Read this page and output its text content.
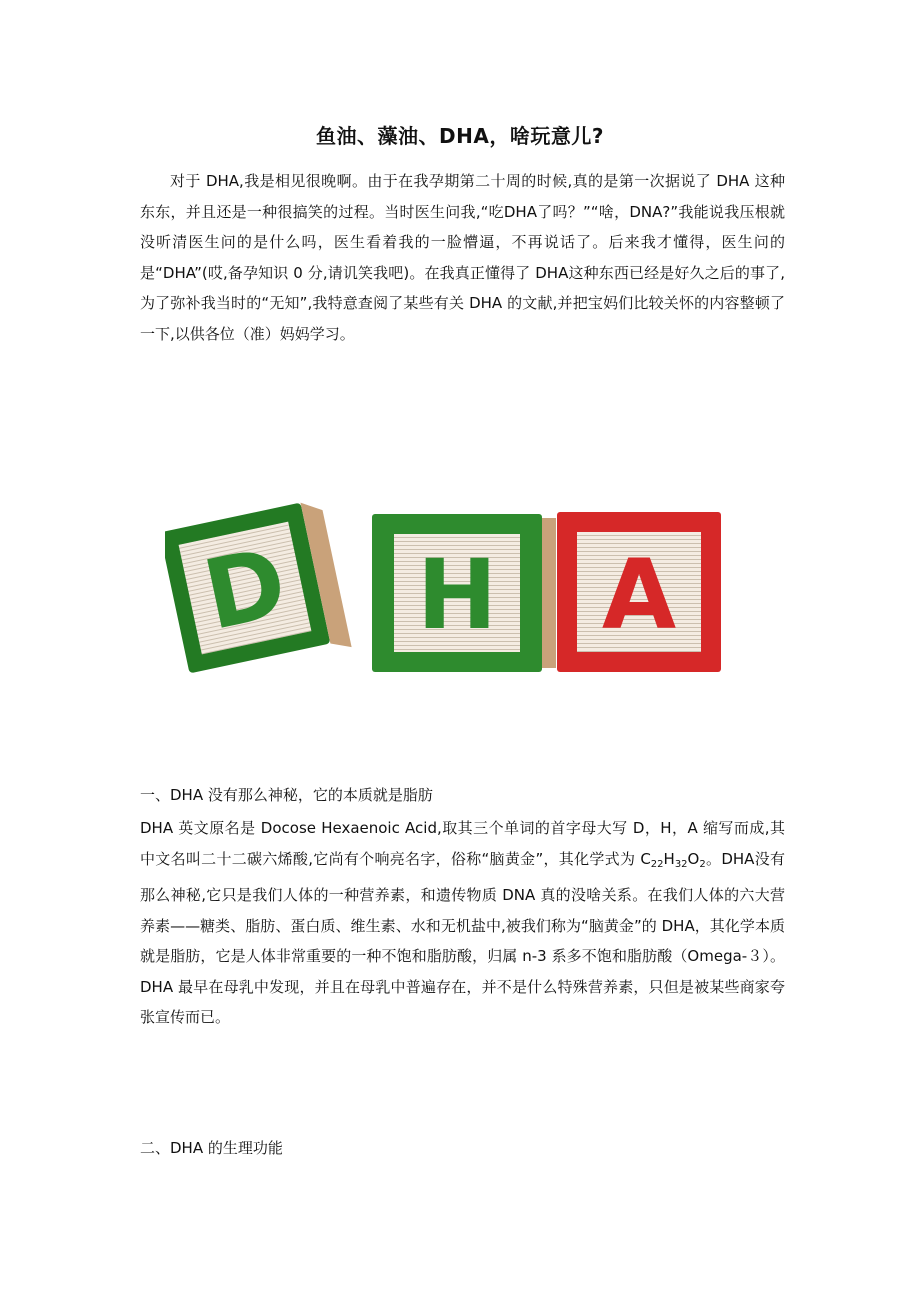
鱼油、藻油、DHA，啥玩意儿?
对于 DHA,我是相见很晚啊。由于在我孕期第二十周的时候,真的是第一次据说了 DHA 这种东东，并且还是一种很搞笑的过程。当时医生问我,“吃DHA了吗？”“啥，DNA?”我能说我压根就没听清医生问的是什么吗，医生看着我的一脸懵逼，不再说话了。后来我才懂得，医生问的是“DHA”(哎,备孕知识 0 分,请讥笑我吧)。在我真正懂得了 DHA这种东西已经是好久之后的事了,为了弥补我当时的“无知”,我特意查阅了某些有关 DHA 的文献,并把宝妈们比较关怀的内容整顿了一下,以供各位（准）妈妈学习。
D H A
一、DHA 没有那么神秘，它的本质就是脂肪
DHA 英文原名是 Docose Hexaenoic Acid,取其三个单词的首字母大写 D，H，A 缩写而成,其中文名叫二十二碳六烯酸,它尚有个响亮名字，俗称“脑黄金”，其化学式为 $C_{22}H_{32}O_2$。DHA没有那么神秘,它只是我们人体的一种营养素，和遗传物质 DNA 真的没啥关系。在我们人体的六大营养素——糖类、脂肪、蛋白质、维生素、水和无机盐中,被我们称为“脑黄金”的 DHA，其化学本质就是脂肪，它是人体非常重要的一种不饱和脂肪酸，归属 n-3 系多不饱和脂肪酸（Omega-３）。DHA 最早在母乳中发现，并且在母乳中普遍存在，并不是什么特殊营养素，只但是被某些商家夸张宣传而已。
二、DHA 的生理功能
